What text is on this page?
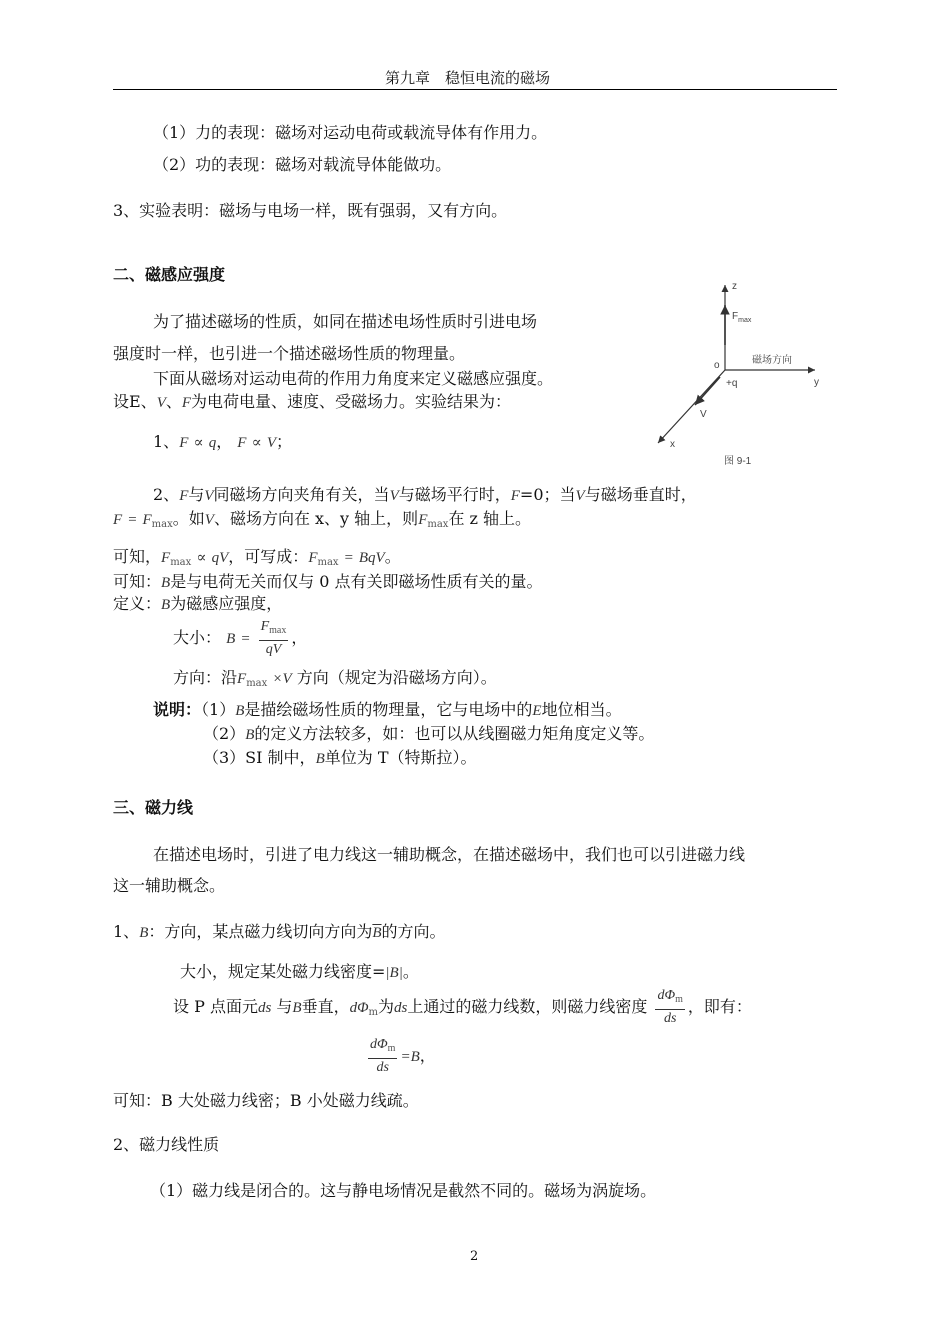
第九章　稳恒电流的磁场
（1）力的表现：磁场对运动电荷或载流导体有作用力。
（2）功的表现：磁场对载流导体能做功。
3、实验表明：磁场与电场一样，既有强弱，又有方向。
二、磁感应强度
为了描述磁场的性质，如同在描述电场性质时引进电场
强度时一样，也引进一个描述磁场性质的物理量。
下面从磁场对运动电荷的作用力角度来定义磁感应强度。
设E、V、F为电荷电量、速度、受磁场力。实验结果为：
1、F ∝ q， F ∝ V；
z
y
x
o
+q
$F_{max}$
V
磁场方向
图 9-1
2、F与V同磁场方向夹角有关，当V与磁场平行时，F=0；当V与磁场垂直时，
$F = F_{max}$。如V、磁场方向在 x、y 轴上，则$F_{max}$在 z 轴上。
可知，$F_{max}$ ∝ qV，可写成：$F_{max}$ = BqV。
可知：B是与电荷无关而仅与 0 点有关即磁场性质有关的量。
定义：B为磁感应强度，
大小： $B = \frac{F_{max}}{qV}$ ，
方向：沿$F_{max} \times V$ 方向（规定为沿磁场方向）。
说明：（1）B是描绘磁场性质的物理量，它与电场中的E地位相当。
（2）B的定义方法较多，如：也可以从线圈磁力矩角度定义等。
（3）SI 制中，B单位为 T（特斯拉）。
三、磁力线
在描述电场时，引进了电力线这一辅助概念，在描述磁场中，我们也可以引进磁力线
这一辅助概念。
1、B：方向，某点磁力线切向方向为$\overline{B}$的方向。
大小，规定某处磁力线密度=|B|。
设 P 点面元ds 与B垂直，$d\Phi_m$为ds上通过的磁力线数，则磁力线密度 $\frac{d\Phi_m}{ds}$ ，即有：
$\frac{d\Phi_m}{ds} =B$，
可知：B 大处磁力线密；B 小处磁力线疏。
2、磁力线性质
（1）磁力线是闭合的。这与静电场情况是截然不同的。磁场为涡旋场。
2
